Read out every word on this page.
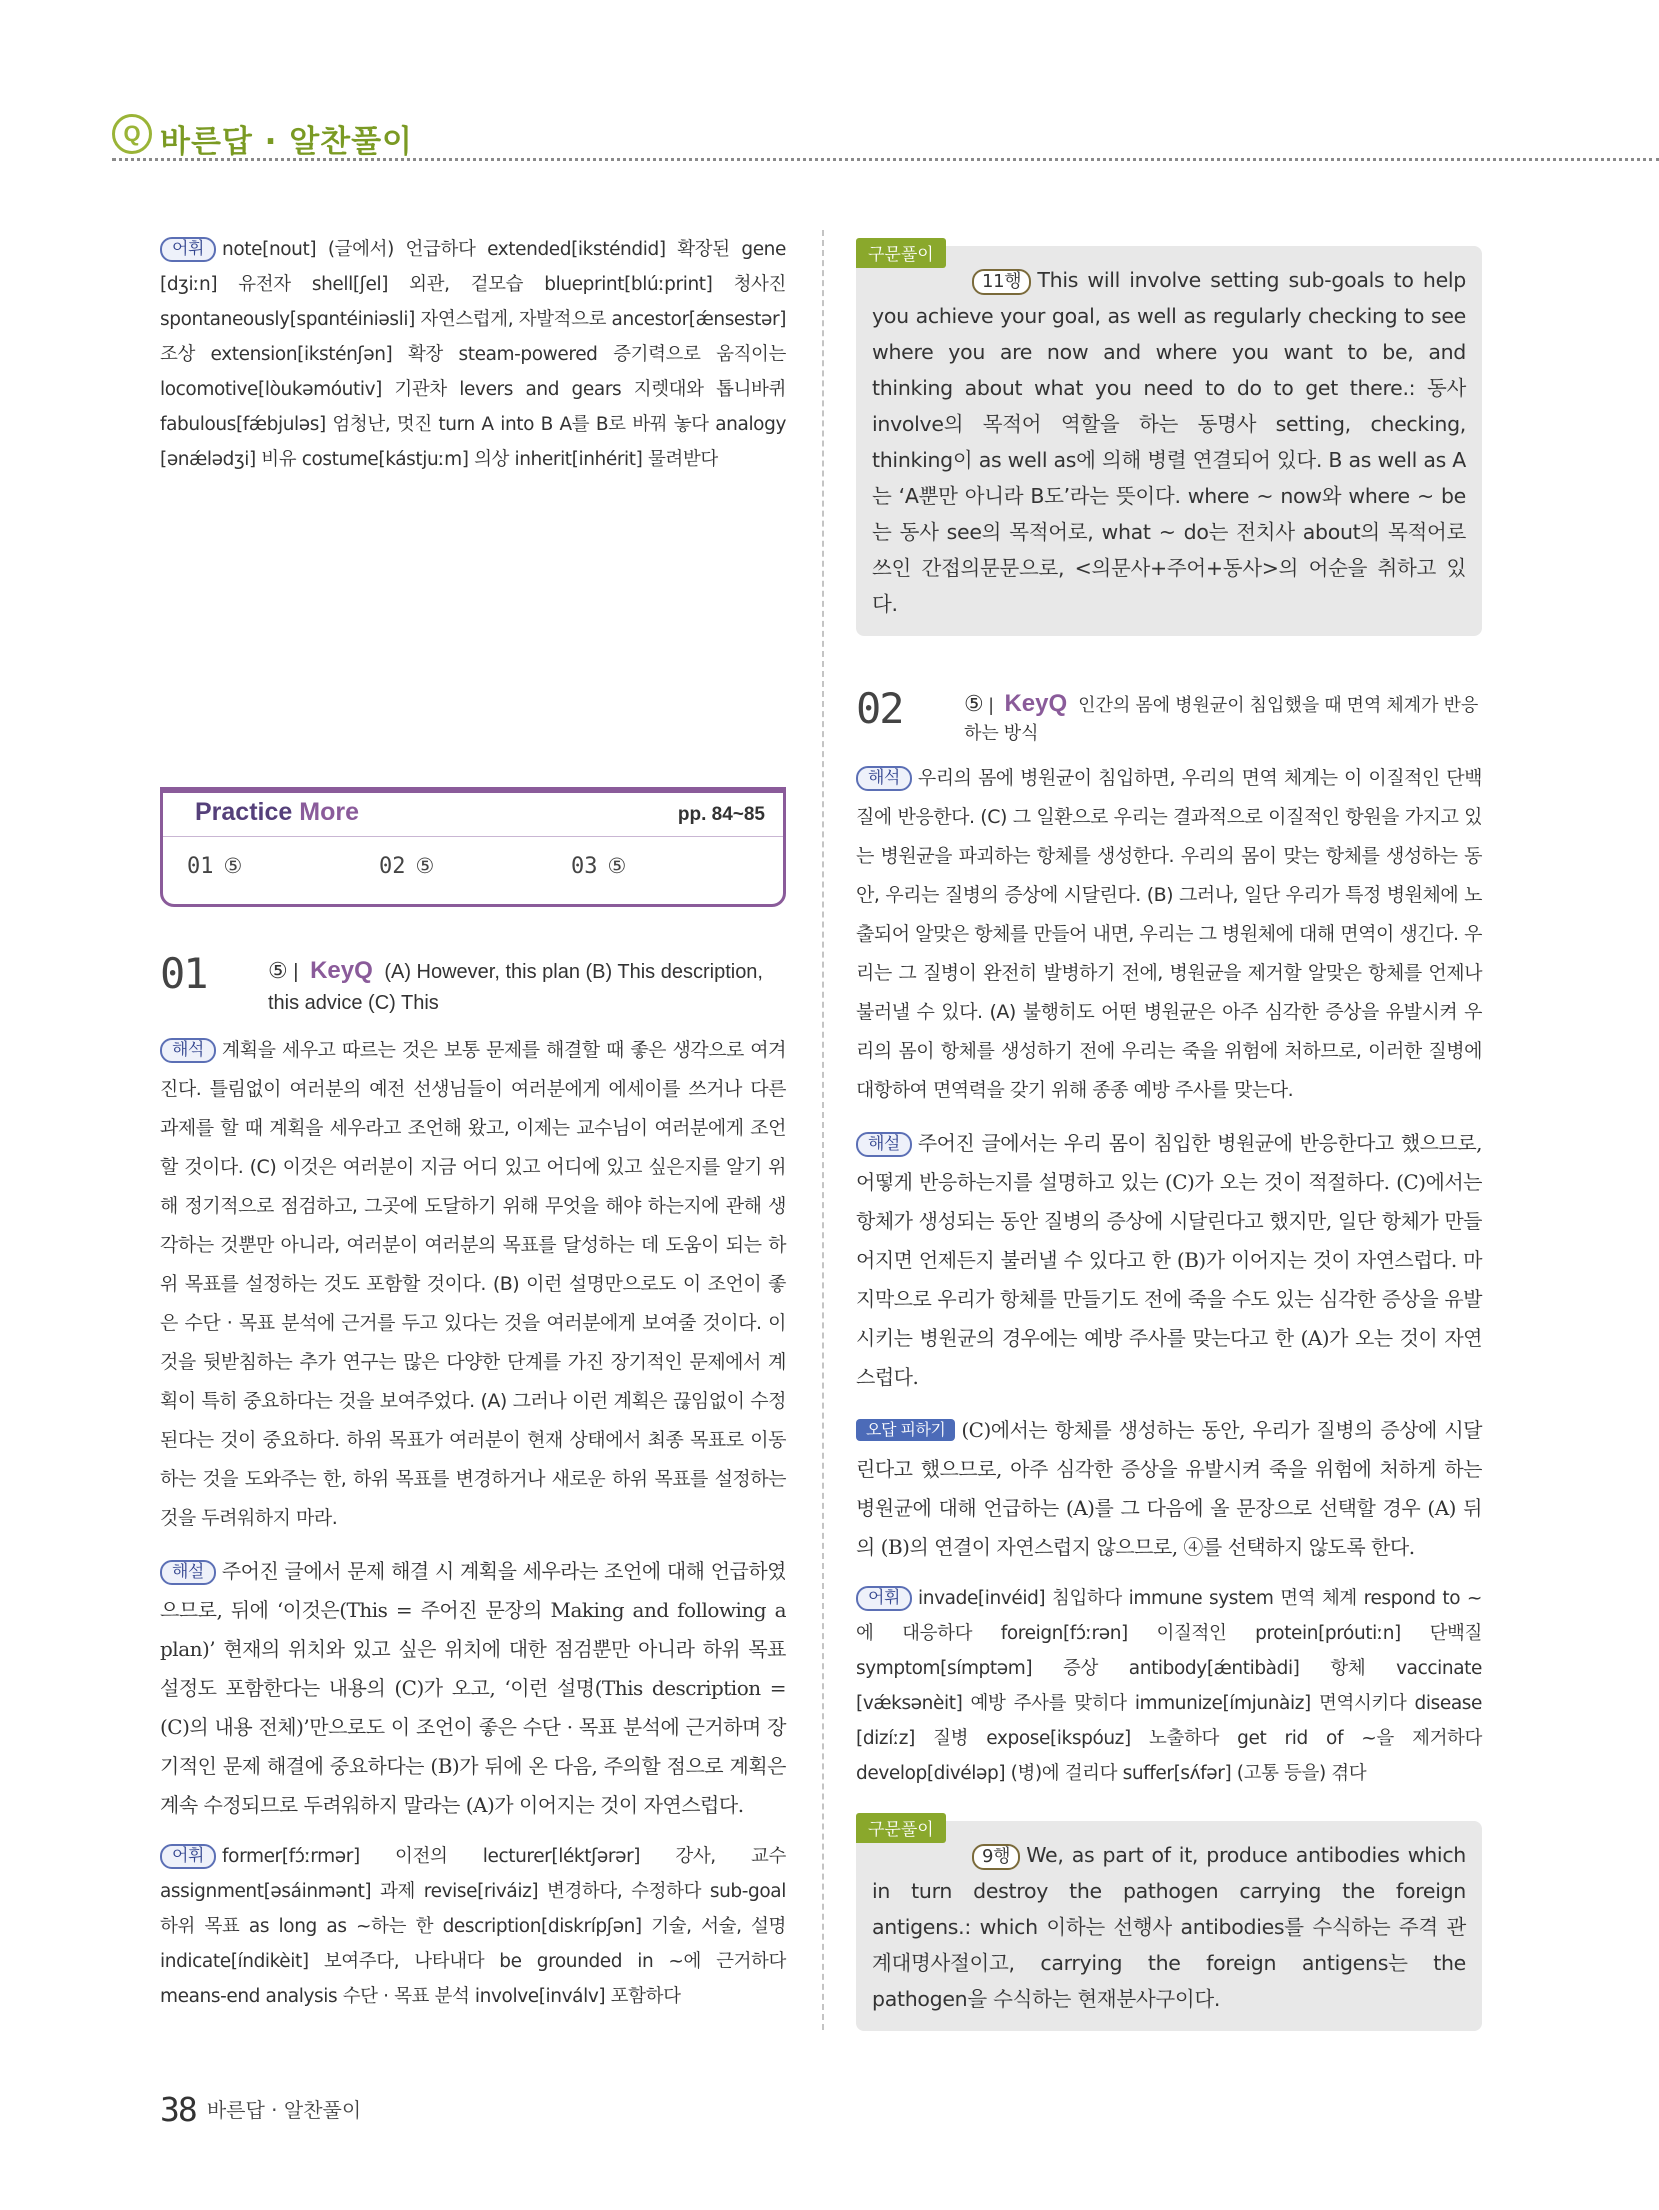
Q 바른답 · 알찬풀이

어휘 note[nout] (글에서) 언급하다 extended[iksténdid] 확장된 gene [dʒiːn] 유전자 shell[ʃel] 외관, 겉모습 blueprint[blúːprint] 청사진 spontaneously[spɑntéiniəsli] 자연스럽게, 자발적으로 ancestor[ǽnsestər] 조상 extension[iksténʃən] 확장 steam-powered 증기력으로 움직이는 locomotive[lòukəmóutiv] 기관차 levers and gears 지렛대와 톱니바퀴 fabulous[fǽbjuləs] 엄청난, 멋진 turn A into B A를 B로 바꿔 놓다 analogy [ənǽlədʒi] 비유 costume[kástjuːm] 의상 inherit[inhérit] 물려받다

Practice More	pp. 84~85
01 ⑤	02 ⑤	03 ⑤
01	⑤ | KeyQ (A) However, this plan (B) This description, this advice (C) This

해석 계획을 세우고 따르는 것은 보통 문제를 해결할 때 좋은 생각으로 여겨진다. 틀림없이 여러분의 예전 선생님들이 여러분에게 에세이를 쓰거나 다른 과제를 할 때 계획을 세우라고 조언해 왔고, 이제는 교수님이 여러분에게 조언할 것이다. (C) 이것은 여러분이 지금 어디 있고 어디에 있고 싶은지를 알기 위해 정기적으로 점검하고, 그곳에 도달하기 위해 무엇을 해야 하는지에 관해 생각하는 것뿐만 아니라, 여러분이 여러분의 목표를 달성하는 데 도움이 되는 하위 목표를 설정하는 것도 포함할 것이다. (B) 이런 설명만으로도 이 조언이 좋은 수단 · 목표 분석에 근거를 두고 있다는 것을 여러분에게 보여줄 것이다. 이것을 뒷받침하는 추가 연구는 많은 다양한 단계를 가진 장기적인 문제에서 계획이 특히 중요하다는 것을 보여주었다. (A) 그러나 이런 계획은 끊임없이 수정된다는 것이 중요하다. 하위 목표가 여러분이 현재 상태에서 최종 목표로 이동하는 것을 도와주는 한, 하위 목표를 변경하거나 새로운 하위 목표를 설정하는 것을 두려워하지 마라.

해설 주어진 글에서 문제 해결 시 계획을 세우라는 조언에 대해 언급하였으므로, 뒤에 ‘이것은(This = 주어진 문장의 Making and following a plan)’ 현재의 위치와 있고 싶은 위치에 대한 점검뿐만 아니라 하위 목표 설정도 포함한다는 내용의 (C)가 오고, ‘이런 설명(This description = (C)의 내용 전체)’만으로도 이 조언이 좋은 수단 · 목표 분석에 근거하며 장기적인 문제 해결에 중요하다는 (B)가 뒤에 온 다음, 주의할 점으로 계획은 계속 수정되므로 두려워하지 말라는 (A)가 이어지는 것이 자연스럽다.

어휘 former[fɔ́ːrmər] 이전의 lecturer[léktʃərər] 강사, 교수 assignment[əsáinmənt] 과제 revise[riváiz] 변경하다, 수정하다 sub-goal 하위 목표 as long as ~하는 한 description[diskrípʃən] 기술, 서술, 설명 indicate[índikèit] 보여주다, 나타내다 be grounded in ~에 근거하다 means-end analysis 수단 · 목표 분석 involve[inválv] 포함하다

구문풀이

11행 This will involve setting sub-goals to help you achieve your goal, as well as regularly checking to see where you are now and where you want to be, and thinking about what you need to do to get there.: 동사 involve의 목적어 역할을 하는 동명사 setting, checking, thinking이 as well as에 의해 병렬 연결되어 있다. B as well as A는 ‘A뿐만 아니라 B도’라는 뜻이다. where ~ now와 where ~ be는 동사 see의 목적어로, what ~ do는 전치사 about의 목적어로 쓰인 간접의문문으로, <의문사+주어+동사>의 어순을 취하고 있다.

02	⑤ | KeyQ 인간의 몸에 병원균이 침입했을 때 면역 체계가 반응하는 방식

해석 우리의 몸에 병원균이 침입하면, 우리의 면역 체계는 이 이질적인 단백질에 반응한다. (C) 그 일환으로 우리는 결과적으로 이질적인 항원을 가지고 있는 병원균을 파괴하는 항체를 생성한다. 우리의 몸이 맞는 항체를 생성하는 동안, 우리는 질병의 증상에 시달린다. (B) 그러나, 일단 우리가 특정 병원체에 노출되어 알맞은 항체를 만들어 내면, 우리는 그 병원체에 대해 면역이 생긴다. 우리는 그 질병이 완전히 발병하기 전에, 병원균을 제거할 알맞은 항체를 언제나 불러낼 수 있다. (A) 불행히도 어떤 병원균은 아주 심각한 증상을 유발시켜 우리의 몸이 항체를 생성하기 전에 우리는 죽을 위험에 처하므로, 이러한 질병에 대항하여 면역력을 갖기 위해 종종 예방 주사를 맞는다.

해설 주어진 글에서는 우리 몸이 침입한 병원균에 반응한다고 했으므로, 어떻게 반응하는지를 설명하고 있는 (C)가 오는 것이 적절하다. (C)에서는 항체가 생성되는 동안 질병의 증상에 시달린다고 했지만, 일단 항체가 만들어지면 언제든지 불러낼 수 있다고 한 (B)가 이어지는 것이 자연스럽다. 마지막으로 우리가 항체를 만들기도 전에 죽을 수도 있는 심각한 증상을 유발시키는 병원균의 경우에는 예방 주사를 맞는다고 한 (A)가 오는 것이 자연스럽다.

오답 피하기 (C)에서는 항체를 생성하는 동안, 우리가 질병의 증상에 시달린다고 했으므로, 아주 심각한 증상을 유발시켜 죽을 위험에 처하게 하는 병원균에 대해 언급하는 (A)를 그 다음에 올 문장으로 선택할 경우 (A) 뒤의 (B)의 연결이 자연스럽지 않으므로, ④를 선택하지 않도록 한다.

어휘 invade[invéid] 침입하다 immune system 면역 체계 respond to ~에 대응하다 foreign[fɔ́ːrən] 이질적인 protein[próutiːn] 단백질 symptom[símptəm] 증상 antibody[ǽntibàdi] 항체 vaccinate [vǽksənèit] 예방 주사를 맞히다 immunize[ímjunàiz] 면역시키다 disease [dizíːz] 질병 expose[ikspóuz] 노출하다 get rid of ~을 제거하다 develop[divéləp] (병)에 걸리다 suffer[sʌ́fər] (고통 등을) 겪다

구문풀이

9행 We, as part of it, produce antibodies which in turn destroy the pathogen carrying the foreign antigens.: which 이하는 선행사 antibodies를 수식하는 주격 관계대명사절이고, carrying the foreign antigens는 the pathogen을 수식하는 현재분사구이다.

38 바른답 · 알찬풀이
